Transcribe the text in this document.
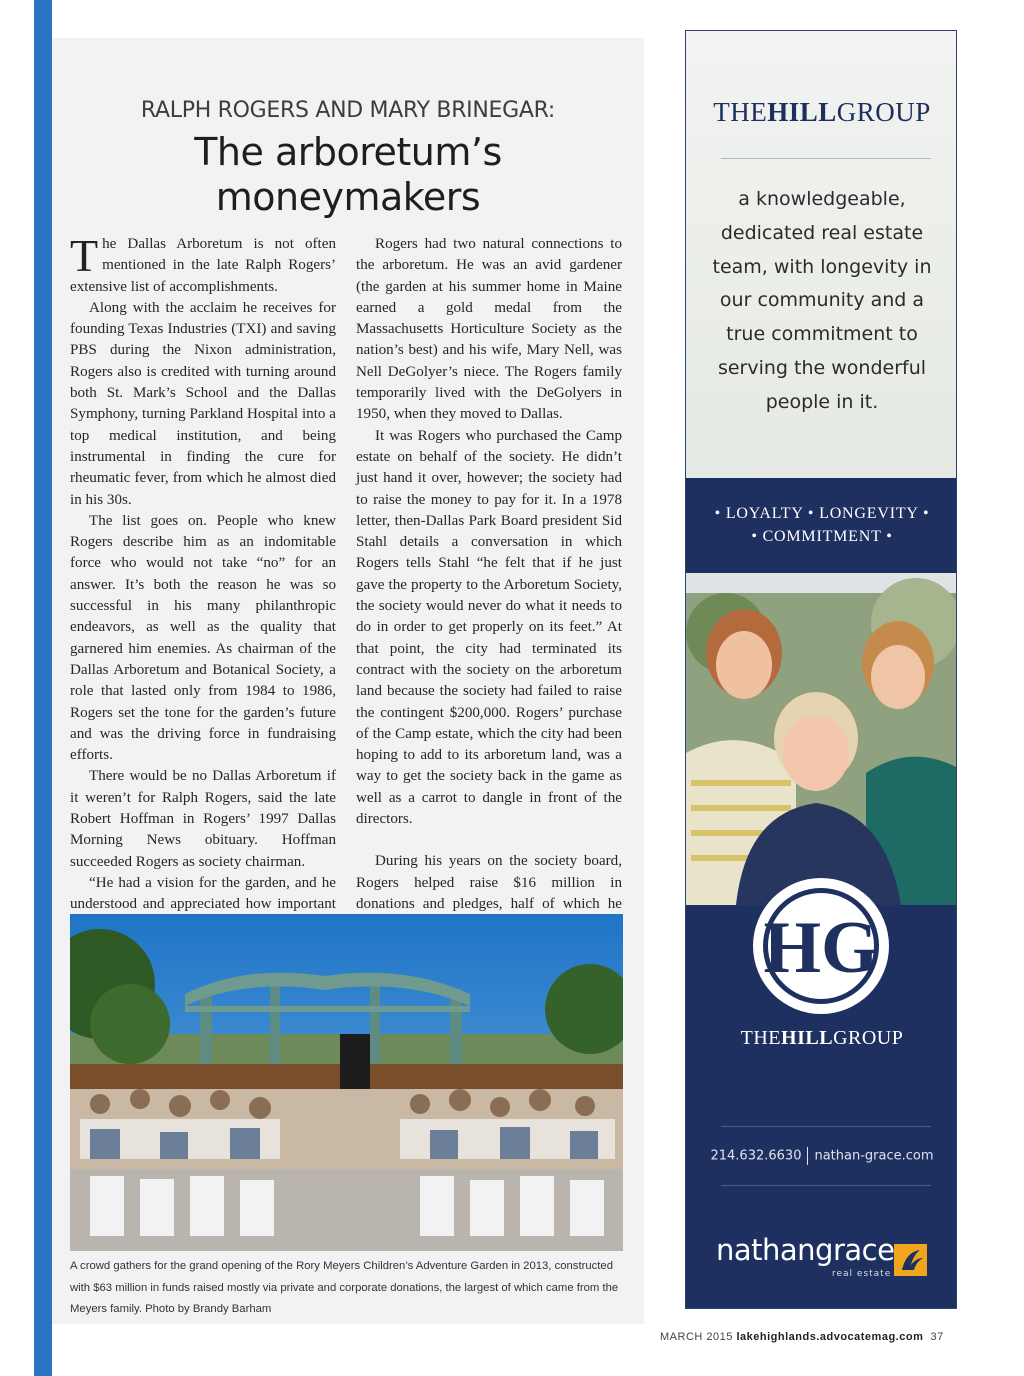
RALPH ROGERS AND MARY BRINEGAR:
The arboretum’s
moneymakers

The Dallas Arboretum is not often mentioned in the late Ralph Rogers’ extensive list of accomplishments.

Along with the acclaim he receives for founding Texas Industries (TXI) and saving PBS during the Nixon administration, Rogers also is credited with turning around both St. Mark’s School and the Dallas Symphony, turning Parkland Hospital into a top medical institution, and being instrumental in finding the cure for rheumatic fever, from which he almost died in his 30s.

The list goes on. People who knew Rogers describe him as an indomitable force who would not take “no” for an answer. It’s both the reason he was so successful in his many philanthropic endeavors, as well as the quality that garnered him enemies. As chairman of the Dallas Arboretum and Botanical Society, a role that lasted only from 1984 to 1986, Rogers set the tone for the garden’s future and was the driving force in fundraising efforts.

There would be no Dallas Arboretum if it weren’t for Ralph Rogers, said the late Robert Hoffman in Rogers’ 1997 Dallas Morning News obituary. Hoffman succeeded Rogers as society chairman.

“He had a vision for the garden, and he understood and appreciated how important

Rogers had two natural connections to the arboretum. He was an avid gardener (the garden at his summer home in Maine earned a gold medal from the Massachusetts Horticulture Society as the nation’s best) and his wife, Mary Nell, was Nell DeGolyer’s niece. The Rogers family temporarily lived with the DeGolyers in 1950, when they moved to Dallas.

It was Rogers who purchased the Camp estate on behalf of the society. He didn’t just hand it over, however; the society had to raise the money to pay for it. In a 1978 letter, then-Dallas Park Board president Sid Stahl details a conversation in which Rogers tells Stahl “he felt that if he just gave the property to the Arboretum Society, the society would never do what it needs to do in order to get properly on its feet.” At that point, the city had terminated its contract with the society on the arboretum land because the society had failed to raise the contingent $200,000. Rogers’ purchase of the Camp estate, which the city had been hoping to add to its arboretum land, was a way to get the society back in the game as well as a carrot to dangle in front of the directors.

During his years on the society board, Rogers helped raise $16 million in donations and pledges, half of which he

A crowd gathers for the grand opening of the Rory Meyers Children’s Adventure Garden in 2013, constructed with $63 million in funds raised mostly via private and corporate donations, the largest of which came from the Meyers family. Photo by Brandy Barham
MARCH 2015 lakehighlands.advocatemag.com 37
THEHILLGROUP
a knowledgeable, dedicated real estate team, with longevity in our community and a true commitment to serving the wonderful people in it.
• LOYALTY • LONGEVITY •
• COMMITMENT •
HG
THEHILLGROUP
214.632.6630 nathan-grace.com
nathangrace
real estate
